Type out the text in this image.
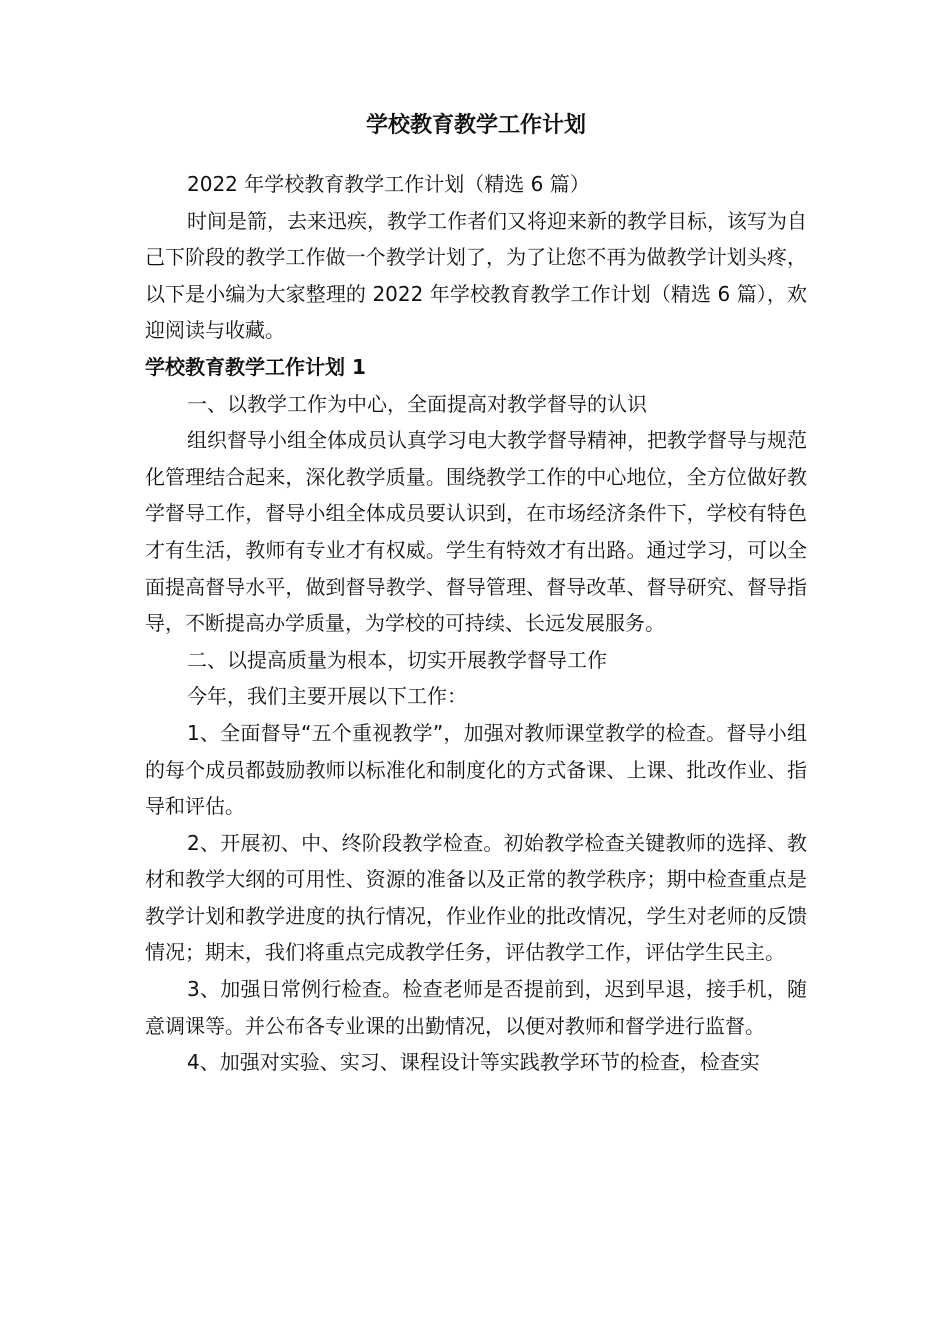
学校教育教学工作计划

2022 年学校教育教学工作计划（精选 6 篇）

时间是箭，去来迅疾，教学工作者们又将迎来新的教学目标，该写为自己下阶段的教学工作做一个教学计划了，为了让您不再为做教学计划头疼，以下是小编为大家整理的 2022 年学校教育教学工作计划（精选 6 篇），欢迎阅读与收藏。

学校教育教学工作计划 1

一、以教学工作为中心，全面提高对教学督导的认识

组织督导小组全体成员认真学习电大教学督导精神，把教学督导与规范化管理结合起来，深化教学质量。围绕教学工作的中心地位，全方位做好教学督导工作，督导小组全体成员要认识到，在市场经济条件下，学校有特色才有生活，教师有专业才有权威。学生有特效才有出路。通过学习，可以全面提高督导水平，做到督导教学、督导管理、督导改革、督导研究、督导指导，不断提高办学质量，为学校的可持续、长远发展服务。

二、以提高质量为根本，切实开展教学督导工作

今年，我们主要开展以下工作：

1、全面督导“五个重视教学”，加强对教师课堂教学的检查。督导小组的每个成员都鼓励教师以标准化和制度化的方式备课、上课、批改作业、指导和评估。

2、开展初、中、终阶段教学检查。初始教学检查关键教师的选择、教材和教学大纲的可用性、资源的准备以及正常的教学秩序；期中检查重点是教学计划和教学进度的执行情况，作业作业的批改情况，学生对老师的反馈情况；期末，我们将重点完成教学任务，评估教学工作，评估学生民主。

3、加强日常例行检查。检查老师是否提前到，迟到早退，接手机，随意调课等。并公布各专业课的出勤情况，以便对教师和督学进行监督。

4、加强对实验、实习、课程设计等实践教学环节的检查，检查实
